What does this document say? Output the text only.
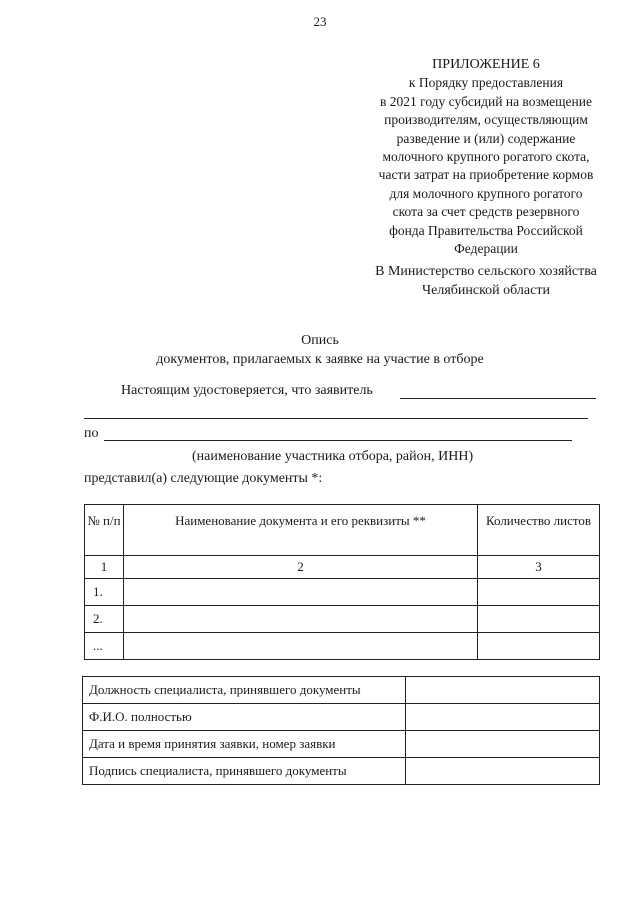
23
ПРИЛОЖЕНИЕ 6
к Порядку предоставления
в 2021 году субсидий на возмещение
производителям, осуществляющим
разведение и (или) содержание
молочного крупного рогатого скота,
части затрат на приобретение кормов
для молочного крупного рогатого
скота за счет средств резервного
фонда Правительства Российской
Федерации
В Министерство сельского хозяйства
Челябинской области
Опись
документов, прилагаемых к заявке на участие в отборе
Настоящим удостоверяется, что заявитель
по
(наименование участника отбора, район, ИНН)
представил(а) следующие документы *:
№ п/п	Наименование документа и его реквизиты **	Количество листов
1	2	3
1.		
2.		
...		
Должность специалиста, принявшего документы	
Ф.И.О. полностью	
Дата и время принятия заявки, номер заявки	
Подпись специалиста, принявшего документы	
